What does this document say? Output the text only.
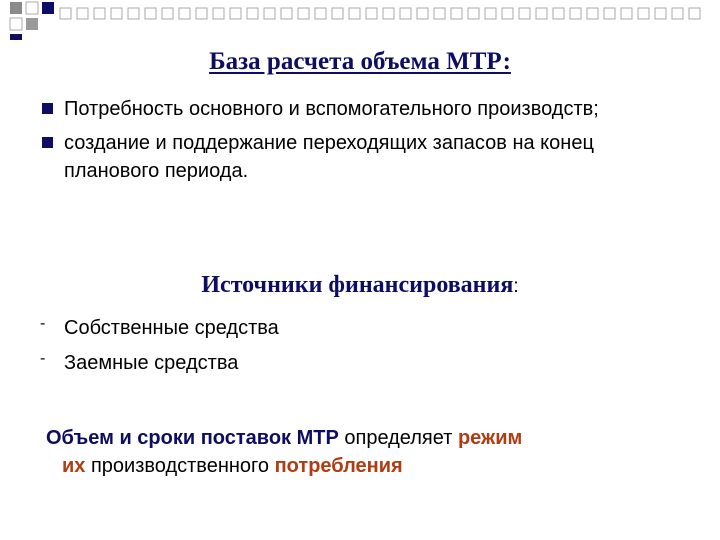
База расчета объема МТР:
Потребность основного и вспомогательного производств;
создание и поддержание переходящих запасов на конец планового периода.
Источники финансирования:
- Собственные средства
- Заемные средства

Объем и сроки поставок МТР определяет режим
их производственного потребления
